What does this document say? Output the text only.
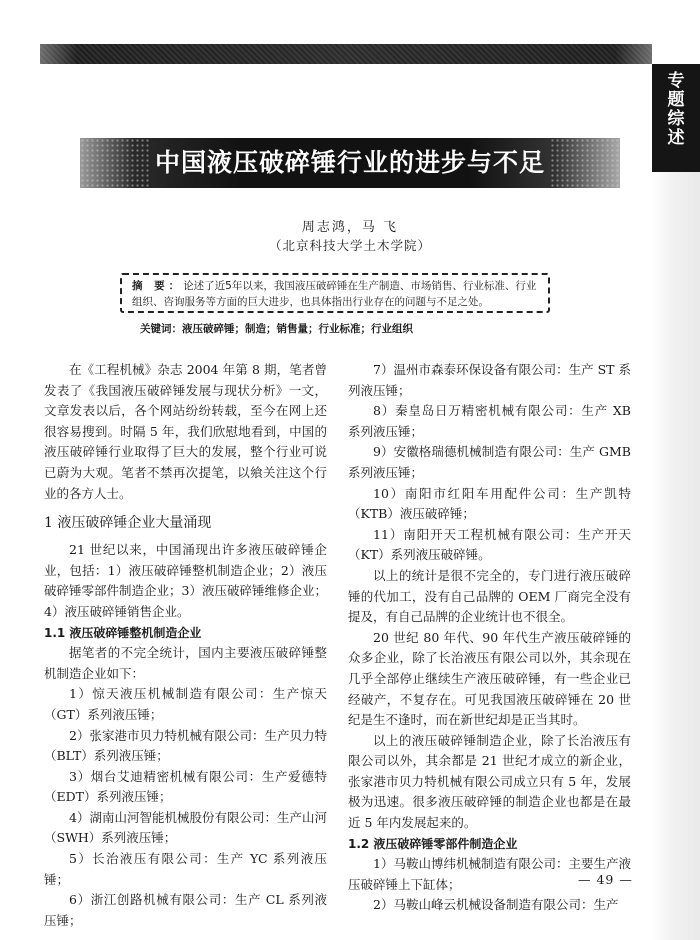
专
题
综
述
中国液压破碎锤行业的进步与不足
周志鸿，马 飞
（北京科技大学土木学院）
摘 要：论述了近5年以来，我国液压破碎锤在生产制造、市场销售、行业标准、行业组织、咨询服务等方面的巨大进步，也具体指出行业存在的问题与不足之处。
关键词：液压破碎锤；制造；销售量；行业标准；行业组织

在《工程机械》杂志 2004 年第 8 期，笔者曾发表了《我国液压破碎锤发展与现状分析》一文，文章发表以后，各个网站纷纷转载，至今在网上还很容易搜到。时隔 5 年，我们欣慰地看到，中国的液压破碎锤行业取得了巨大的发展，整个行业可说已蔚为大观。笔者不禁再次提笔，以飨关注这个行业的各方人士。

1 液压破碎锤企业大量涌现

21 世纪以来，中国涌现出许多液压破碎锤企业，包括：1）液压破碎锤整机制造企业；2）液压破碎锤零部件制造企业；3）液压破碎锤维修企业；4）液压破碎锤销售企业。

1.1 液压破碎锤整机制造企业

据笔者的不完全统计，国内主要液压破碎锤整机制造企业如下：

1）惊天液压机械制造有限公司：生产惊天（GT）系列液压锤；

2）张家港市贝力特机械有限公司：生产贝力特（BLT）系列液压锤；

3）烟台艾迪精密机械有限公司：生产爱德特（EDT）系列液压锤；

4）湖南山河智能机械股份有限公司：生产山河（SWH）系列液压锤；

5）长治液压有限公司：生产 YC 系列液压锤；

6）浙江创路机械有限公司：生产 CL 系列液压锤；

7）温州市森泰环保设备有限公司：生产 ST 系列液压锤；

8）秦皇岛日万精密机械有限公司：生产 XB 系列液压锤；

9）安徽格瑞德机械制造有限公司：生产 GMB 系列液压锤；

10）南阳市红阳车用配件公司：生产凯特（KTB）液压破碎锤；

11）南阳开天工程机械有限公司：生产开天（KT）系列液压破碎锤。

以上的统计是很不完全的，专门进行液压破碎锤的代加工，没有自己品牌的 OEM 厂商完全没有提及，有自己品牌的企业统计也不很全。

20 世纪 80 年代、90 年代生产液压破碎锤的众多企业，除了长治液压有限公司以外，其余现在几乎全部停止继续生产液压破碎锤，有一些企业已经破产，不复存在。可见我国液压破碎锤在 20 世纪是生不逢时，而在新世纪却是正当其时。

以上的液压破碎锤制造企业，除了长治液压有限公司以外，其余都是 21 世纪才成立的新企业，张家港市贝力特机械有限公司成立只有 5 年，发展极为迅速。很多液压破碎锤的制造企业也都是在最近 5 年内发展起来的。

1.2 液压破碎锤零部件制造企业

1）马鞍山博纬机械制造有限公司：主要生产液压破碎锤上下缸体；

2）马鞍山峰云机械设备制造有限公司：生产

— 49 —
